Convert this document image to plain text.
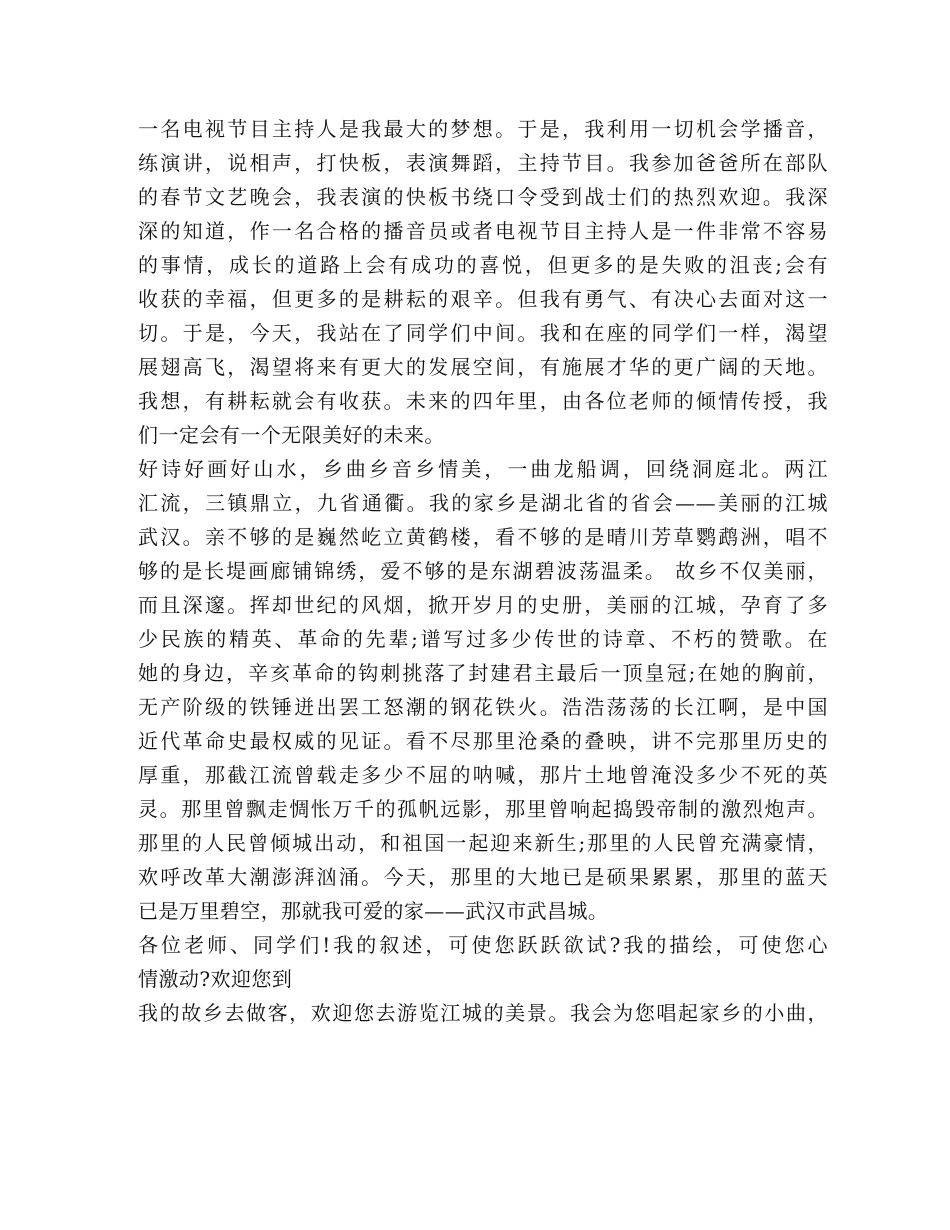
一名电视节目主持人是我最大的梦想。于是，我利用一切机会学播音，
练演讲，说相声，打快板，表演舞蹈，主持节目。我参加爸爸所在部队
的春节文艺晚会，我表演的快板书绕口令受到战士们的热烈欢迎。我深
深的知道，作一名合格的播音员或者电视节目主持人是一件非常不容易
的事情，成长的道路上会有成功的喜悦，但更多的是失败的沮丧;会有
收获的幸福，但更多的是耕耘的艰辛。但我有勇气、有决心去面对这一
切。于是，今天，我站在了同学们中间。我和在座的同学们一样，渴望
展翅高飞，渴望将来有更大的发展空间，有施展才华的更广阔的天地。
我想，有耕耘就会有收获。未来的四年里，由各位老师的倾情传授，我
们一定会有一个无限美好的未来。
好诗好画好山水，乡曲乡音乡情美，一曲龙船调，回绕洞庭北。两江
汇流，三镇鼎立，九省通衢。我的家乡是湖北省的省会——美丽的江城
武汉。亲不够的是巍然屹立黄鹤楼，看不够的是晴川芳草鹦鹉洲，唱不
够的是长堤画廊铺锦绣，爱不够的是东湖碧波荡温柔。 故乡不仅美丽，
而且深邃。挥却世纪的风烟，掀开岁月的史册，美丽的江城，孕育了多
少民族的精英、革命的先辈;谱写过多少传世的诗章、不朽的赞歌。在
她的身边，辛亥革命的钩刺挑落了封建君主最后一顶皇冠;在她的胸前，
无产阶级的铁锤迸出罢工怒潮的钢花铁火。浩浩荡荡的长江啊，是中国
近代革命史最权威的见证。看不尽那里沧桑的叠映，讲不完那里历史的
厚重，那截江流曾载走多少不屈的呐喊，那片土地曾淹没多少不死的英
灵。那里曾飘走惆怅万千的孤帆远影，那里曾响起捣毁帝制的激烈炮声。
那里的人民曾倾城出动，和祖国一起迎来新生;那里的人民曾充满豪情，
欢呼改革大潮澎湃汹涌。今天，那里的大地已是硕果累累，那里的蓝天
已是万里碧空，那就我可爱的家——武汉市武昌城。
各位老师、同学们!我的叙述，可使您跃跃欲试?我的描绘，可使您心
情激动?欢迎您到
我的故乡去做客，欢迎您去游览江城的美景。我会为您唱起家乡的小曲，
